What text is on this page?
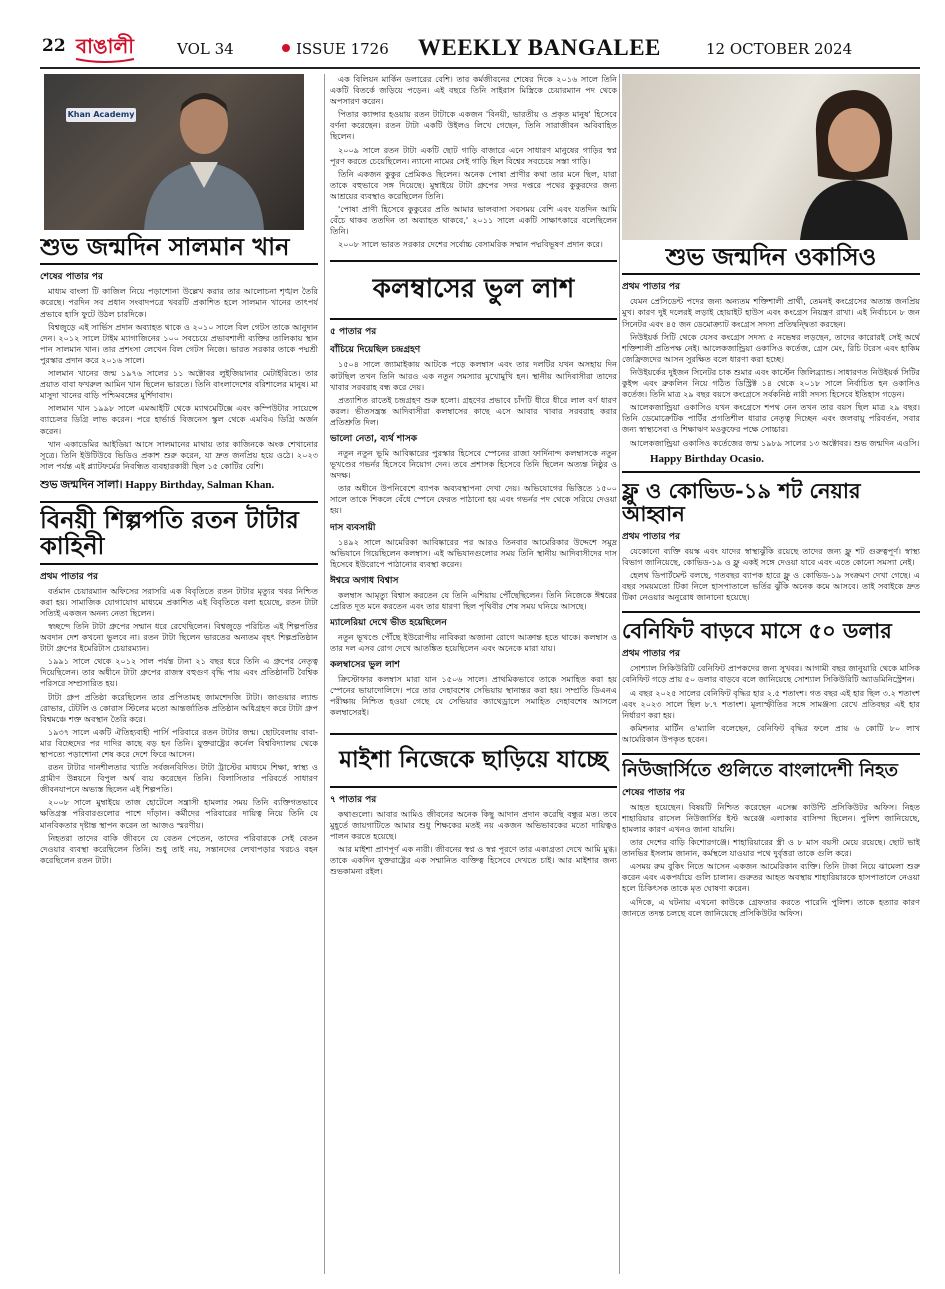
22 বাঙালী	VOL 34	ISSUE 1726 WEEKLY BANGALEE	12 OCTOBER 2024
Khan Academy
শুভ জন্মদিন সালমান খান
শেষের পাতার পর

মাধ্যম বাংলা টি কাজিল নিয়ে পড়াশোনা উল্লেখ করার তার আলোচনা শৃঙ্খল তৈরি করেছে। পরদিন সব প্রধান সংবাদপত্রে খবরটি প্রকাশিত হলে সালমান খানের তাৎপর্য প্রভাবে হাসি ফুটে উঠল চারদিকে।

বিশ্বজুড়ে এই সার্ভিস প্রদান অব্যাহত থাকে ও ২০১০ সালে বিল গেটস তাকে আনুদান দেন। ২০১২ সালে টাইম ম্যাগাজিনের ১০০ সবচেয়ে প্রভাবশালী ব্যক্তির তালিকায় স্থান পান সালমান খান। তার প্রশংসা লেখেন বিল গেটস নিজে। ভারত সরকার তাকে পদ্মশ্রী পুরস্কার প্রদান করে ২০১৬ সালে।

সালমান খানের জন্ম ১৯৭৬ সালের ১১ অক্টোবর লুইজিয়ানার মেটাইরিতে। তার প্রয়াত বাবা ফখরুল আমিন খান ছিলেন ভারতে। তিনি বাংলাদেশের বরিশালের মানুষ। মা মাসুদা খানের বাড়ি পশ্চিমবঙ্গের মুর্শিদাবাদ।

সালমান খান ১৯৯৮ সালে এমআইটি থেকে ম্যাথমেটিক্সে এবং কম্পিউটার সায়েন্সে ব্যাচেলর ডিগ্রি লাভ করেন। পরে হার্ভার্ড বিজনেস স্কুল থেকে এমবিএ ডিগ্রি অর্জন করেন।

খান একাডেমির আইডিয়া আসে সালমানের মাথায় তার কাজিনকে অংক শেখানোর সূত্রে। তিনি ইউটিউবে ভিডিও প্রকাশ শুরু করেন, যা দ্রুত জনপ্রিয় হয়ে ওঠে। ২০২৩ সাল পর্যন্ত এই প্ল্যাটফর্মের নিবন্ধিত ব্যবহারকারী ছিল ১৫ কোটির বেশি।

শুভ জন্মদিন সালা। Happy Birthday, Salman Khan.
বিনয়ী শিল্পপতি রতন টাটার কাহিনী
প্রথম পাতার পর

বর্তমান চেয়ারম্যান অফিসের সরাসরি এক বিবৃতিতে রতন টাটার মৃত্যুর খবর নিশ্চিত করা হয়। সামাজিক যোগাযোগ মাধ্যমে প্রকাশিত এই বিবৃতিতে বলা হয়েছে, রতন টাটা সত্যিই একজন অনন্য নেতা ছিলেন।

স্বচ্ছন্দে তিনি টাটা গ্রুপের সম্মান ধরে রেখেছিলেন। বিশ্বজুড়ে পরিচিত এই শিল্পপতির অবদান দেশ কখনো ভুলবে না। রতন টাটা ছিলেন ভারতের অন্যতম বৃহৎ শিল্পপ্রতিষ্ঠান টাটা গ্রুপের ইমেরিটাস চেয়ারম্যান।

১৯৯১ সালে থেকে ২০১২ সাল পর্যন্ত টানা ২১ বছর ধরে তিনি এ গ্রুপের নেতৃত্ব দিয়েছিলেন। তার অধীনে টাটা গ্রুপের রাজস্ব বহুগুণ বৃদ্ধি পায় এবং প্রতিষ্ঠানটি বৈশ্বিক পরিসরে সম্প্রসারিত হয়।

টাটা গ্রুপ প্রতিষ্ঠা করেছিলেন তার প্রপিতামহ জামশেদজি টাটা। জাগুয়ার ল্যান্ড রোভার, টেটলি ও কোরাস স্টিলের মতো আন্তর্জাতিক প্রতিষ্ঠান অধিগ্রহণ করে টাটা গ্রুপ বিশ্বমঞ্চে শক্ত অবস্থান তৈরি করে।

১৯৩৭ সালে একটি ঐতিহ্যবাহী পার্সি পরিবারে রতন টাটার জন্ম। ছোটবেলায় বাবা-মার বিচ্ছেদের পর দাদির কাছে বড় হন তিনি। যুক্তরাষ্ট্রের কর্নেল বিশ্ববিদ্যালয় থেকে স্থাপত্যে পড়াশোনা শেষ করে দেশে ফিরে আসেন।

রতন টাটার দানশীলতার খ্যাতি সর্বজনবিদিত। টাটা ট্রাস্টের মাধ্যমে শিক্ষা, স্বাস্থ্য ও গ্রামীণ উন্নয়নে বিপুল অর্থ ব্যয় করেছেন তিনি। বিলাসিতার পরিবর্তে সাধারণ জীবনযাপনে অভ্যস্ত ছিলেন এই শিল্পপতি।

২০০৮ সালে মুম্বাইয়ে তাজ হোটেলে সন্ত্রাসী হামলার সময় তিনি ব্যক্তিগতভাবে ক্ষতিগ্রস্ত পরিবারগুলোর পাশে দাঁড়ান। কর্মীদের পরিবারের দায়িত্ব নিয়ে তিনি যে মানবিকতার দৃষ্টান্ত স্থাপন করেন তা আজও স্মরণীয়।

নিহতরা তাদের বাকি জীবনে যে বেতন পেতেন, তাদের পরিবারকে সেই বেতন দেওয়ার ব্যবস্থা করেছিলেন তিনি। শুধু তাই নয়, সন্তানদের লেখাপড়ার খরচও বহন করেছিলেন রতন টাটা।

এক বিলিয়ন মার্কিন ডলারের বেশি। তার কর্মজীবনের শেষের দিকে ২০১৬ সালে তিনি একটি বিতর্কে জড়িয়ে পড়েন। এই বছরে তিনি সাইরাস মিস্ত্রিকে চেয়ারম্যান পদ থেকে অপসারণ করেন।

পিতার ক্যান্সার হওয়ায় রতন টাটাকে একজন 'বিনয়ী, ভারতীয় ও প্রকৃত মানুষ' হিসেবে বর্ণনা করেছেন। রতন টাটা একটি উইলও লিখে গেছেন, তিনি সারাজীবন অবিবাহিত ছিলেন।

২০০৯ সালে রতন টাটা একটি ছোট গাড়ি বাজারে এনে সাধারণ মানুষের গাড়ির স্বপ্ন পূরণ করতে চেয়েছিলেন। ন্যানো নামের সেই গাড়ি ছিল বিশ্বের সবচেয়ে সস্তা গাড়ি।

তিনি একজন কুকুর প্রেমিকও ছিলেন। অনেক পোষা প্রাণীর কথা তার মনে ছিল, যারা তাকে বহুভাবে সঙ্গ দিয়েছে। মুম্বাইয়ে টাটা গ্রুপের সদর দপ্তরে পথের কুকুরদের জন্য আশ্রয়ের ব্যবস্থাও করেছিলেন তিনি।

'পোষা প্রাণী হিসেবে কুকুরের প্রতি আমার ভালবাসা সবসময় বেশি এবং যতদিন আমি বেঁচে থাকব ততদিন তা অব্যাহত থাকবে,' ২০১১ সালে একটি সাক্ষাৎকারে বলেছিলেন তিনি।

২০০৮ সালে ভারত সরকার দেশের সর্বোচ্চ বেসামরিক সম্মান পদ্মবিভূষণ প্রদান করে।

কলম্বাসের ভুল লাশ
৫ পাতার পর
বাঁচিয়ে দিয়েছিল চন্দ্রগ্রহণ

১৫০৪ সালে জ্যামাইকায় আটকে পড়ে কলম্বাস এবং তার দলটির যখন অসহায় দিন কাটছিল তখন তিনি আরও এক নতুন সমস্যার মুখোমুখি হন। স্থানীয় আদিবাসীরা তাদের খাবার সরবরাহ বন্ধ করে দেয়।

প্রত্যাশিত রাতেই চন্দ্রগ্রহণ শুরু হলো। গ্রহণের প্রভাবে চাঁদটি ধীরে ধীরে লাল বর্ণ ধারণ করল। ভীতসন্ত্রস্ত আদিবাসীরা কলম্বাসের কাছে এসে আবার খাবার সরবরাহ করার প্রতিশ্রুতি দিল।

ভালো নেতা, ব্যর্থ শাসক

নতুন নতুন ভূমি আবিষ্কারের পুরস্কার হিসেবে স্পেনের রাজা ফার্দিনান্দ কলম্বাসকে নতুন ভূখণ্ডের গভর্নর হিসেবে নিয়োগ দেন। তবে প্রশাসক হিসেবে তিনি ছিলেন অত্যন্ত নিষ্ঠুর ও অদক্ষ।

তার অধীনে উপনিবেশে ব্যাপক অব্যবস্থাপনা দেখা দেয়। অভিযোগের ভিত্তিতে ১৫০০ সালে তাকে শিকলে বেঁধে স্পেনে ফেরত পাঠানো হয় এবং গভর্নর পদ থেকে সরিয়ে দেওয়া হয়।

দাস ব্যবসায়ী

১৪৯২ সালে আমেরিকা আবিষ্কারের পর আরও তিনবার আমেরিকার উদ্দেশে সমুদ্র অভিযানে গিয়েছিলেন কলম্বাস। এই অভিযানগুলোর সময় তিনি স্থানীয় আদিবাসীদের দাস হিসেবে ইউরোপে পাঠানোর ব্যবস্থা করেন।

ঈশ্বরে অগাধ বিশ্বাস

কলম্বাস আমৃত্যু বিশ্বাস করতেন যে তিনি এশিয়ায় পৌঁছেছিলেন। তিনি নিজেকে ঈশ্বরের প্রেরিত দূত মনে করতেন এবং তার ধারণা ছিল পৃথিবীর শেষ সময় ঘনিয়ে আসছে।

ম্যালেরিয়া দেখে ভীত হয়েছিলেন

নতুন ভূখণ্ডে পৌঁছে ইউরোপীয় নাবিকরা অজানা রোগে আক্রান্ত হতে থাকে। কলম্বাস ও তার দল এসব রোগ দেখে আতঙ্কিত হয়েছিলেন এবং অনেকে মারা যায়।

কলম্বাসের ভুল লাশ

ক্রিস্টোফার কলম্বাস মারা যান ১৫০৬ সালে। প্রাথমিকভাবে তাকে সমাহিত করা হয় স্পেনের ভায়াদোলিদে। পরে তার দেহাবশেষ সেভিয়ায় স্থানান্তর করা হয়। সম্প্রতি ডিএনএ পরীক্ষায় নিশ্চিত হওয়া গেছে যে সেভিয়ার ক্যাথেড্রালে সমাহিত দেহাবশেষ আসলে কলম্বাসেরই।

মাইশা নিজেকে ছাড়িয়ে যাচ্ছে
৭ পাতার পর

কথাগুলো। আবার আমিও জীবনের অনেক কিছু আদান প্রদান করেছি বন্ধুর মত। তবে মুহূর্তে জায়গাটিতে আমার শুধু শিক্ষকের মতই নয় একজন অভিভাবকের মতো দায়িত্বও পালন করতে হয়েছে।

আর মাইশা প্রাণপূর্ণ এক নারী। জীবনের স্বপ্ন ও স্বপ্ন পূরণে তার একাগ্রতা দেখে আমি মুগ্ধ। তাকে একদিন যুক্তরাষ্ট্রের এক সম্মানিত ব্যক্তিত্ব হিসেবে দেখতে চাই। আর মাইশার জন্য শুভকামনা রইল।

শুভ জন্মদিন ওকাসিও
প্রথম পাতার পর

যেমন প্রেসিডেন্ট পদের জন্য অন্যতম শক্তিশালী প্রার্থী, তেমনই কংগ্রেসের অত্যন্ত জনপ্রিয় মুখ। কারণ দুই দলেরই লড়াই হোয়াইট হাউস এবং কংগ্রেস নিয়ন্ত্রণ রাখা। এই নির্বাচনে ৮ জন সিনেটর এবং ৪৫ জন ডেমোক্র্যাট কংগ্রেস সদস্য প্রতিদ্বন্দ্বিতা করছেন।

নিউইয়র্ক সিটি থেকে যেসব কংগ্রেস সদস্য ৫ নভেম্বর লড়ছেন, তাদের কারোরই সেই অর্থে শক্তিশালী প্রতিপক্ষ নেই। আলেকজান্ড্রিয়া ওকাসিও কর্তেজ, গ্রেস মেং, রিচি টরেস এবং হাকিম জেফ্রিজদের আসন সুরক্ষিত বলে ধারণা করা হচ্ছে।

নিউইয়র্কের দুইজন সিনেটর চাক শুমার এবং কার্স্টেন জিলিব্র্যান্ড। সাধারণত নিউইয়র্ক সিটির কুইন্স এবং ব্রুকলিন নিয়ে গঠিত ডিস্ট্রিক্ট ১৪ থেকে ২০১৮ সালে নির্বাচিত হন ওকাসিও কর্তেজ। তিনি মাত্র ২৯ বছর বয়সে কংগ্রেসে সর্বকনিষ্ঠ নারী সদস্য হিসেবে ইতিহাস গড়েন।

আলেকজান্ড্রিয়া ওকাসিও যখন কংগ্রেসে শপথ নেন তখন তার বয়স ছিল মাত্র ২৯ বছর। তিনি ডেমোক্রেটিক পার্টির প্রগতিশীল ধারার নেতৃত্ব দিচ্ছেন এবং জলবায়ু পরিবর্তন, সবার জন্য স্বাস্থ্যসেবা ও শিক্ষাঋণ মওকুফের পক্ষে সোচ্চার।

আলেকজান্ড্রিয়া ওকাসিও কর্তেজের জন্ম ১৯৮৯ সালের ১৩ অক্টোবর। শুভ জন্মদিন এওসি।

Happy Birthday Ocasio.
ফ্লু ও কোভিড-১৯ শট নেয়ার আহ্বান
প্রথম পাতার পর

যেকোনো ব্যক্তি বয়স্ক এবং যাদের স্বাস্থ্যঝুঁকি রয়েছে তাদের জন্য ফ্লু শট গুরুত্বপূর্ণ। স্বাস্থ্য বিভাগ জানিয়েছে, কোভিড-১৯ ও ফ্লু একই সঙ্গে দেওয়া যাবে এবং এতে কোনো সমস্যা নেই।

হেলথ ডিপার্টমেন্ট বলছে, গতবছর ব্যাপক হারে ফ্লু ও কোভিড-১৯ সংক্রমণ দেখা গেছে। এ বছর সময়মতো টিকা নিলে হাসপাতালে ভর্তির ঝুঁকি অনেক কমে আসবে। তাই সবাইকে দ্রুত টিকা নেওয়ার অনুরোধ জানানো হয়েছে।

বেনিফিট বাড়বে মাসে ৫০ ডলার
প্রথম পাতার পর

সোশ্যাল সিকিউরিটি বেনিফিট প্রাপকদের জন্য সুখবর। আগামী বছর জানুয়ারি থেকে মাসিক বেনিফিট গড়ে প্রায় ৫০ ডলার বাড়বে বলে জানিয়েছে সোশ্যাল সিকিউরিটি অ্যাডমিনিস্ট্রেশন।

এ বছর ২০২৫ সালের বেনিফিট বৃদ্ধির হার ২.৫ শতাংশ। গত বছর এই হার ছিল ৩.২ শতাংশ এবং ২০২৩ সালে ছিল ৮.৭ শতাংশ। মূল্যস্ফীতির সঙ্গে সামঞ্জস্য রেখে প্রতিবছর এই হার নির্ধারণ করা হয়।

কমিশনার মার্টিন ও'ম্যালি বলেছেন, বেনিফিট বৃদ্ধির ফলে প্রায় ৬ কোটি ৮০ লাখ আমেরিকান উপকৃত হবেন।

নিউজার্সিতে গুলিতে বাংলাদেশী নিহত
শেষের পাতার পর

আহত হয়েছেন। বিষয়টি নিশ্চিত করেছেন এসেক্স কাউন্টি প্রসিকিউটর অফিস। নিহত শাহারিয়ার রাসেল নিউজার্সির ইস্ট অরেঞ্জ এলাকার বাসিন্দা ছিলেন। পুলিশ জানিয়েছে, হামলার কারণ এখনও জানা যায়নি।

তার দেশের বাড়ি কিশোরগঞ্জে। শাহারিয়ারের স্ত্রী ও ৮ মাস বয়সী মেয়ে রয়েছে। ছোট ভাই তানভির ইসলাম জানান, কর্মস্থলে যাওয়ার পথে দুর্বৃত্তরা তাকে গুলি করে।

এসময় রুম বুকিং নিতে আসেন একজন আমেরিকান ব্যক্তি। তিনি টাকা নিয়ে ঝামেলা শুরু করেন এবং একপর্যায়ে গুলি চালান। গুরুতর আহত অবস্থায় শাহারিয়ারকে হাসপাতালে নেওয়া হলে চিকিৎসক তাকে মৃত ঘোষণা করেন।

এদিকে, এ ঘটনায় এখনো কাউকে গ্রেফতার করতে পারেনি পুলিশ। তাকে হত্যার কারণ জানতে তদন্ত চলছে বলে জানিয়েছে প্রসিকিউটর অফিস।
